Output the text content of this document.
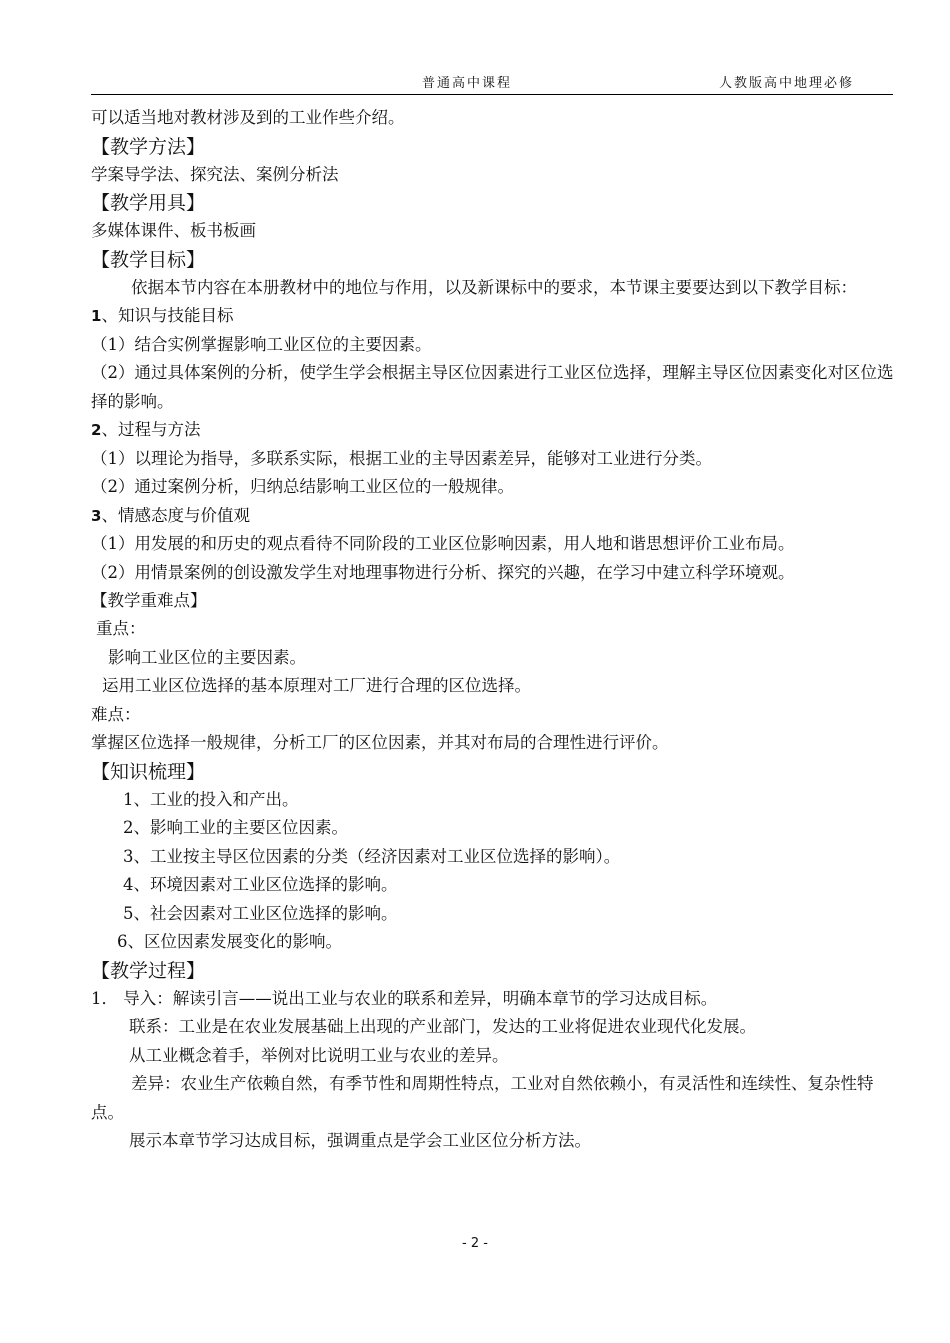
普通高中课程	人教版高中地理必修
可以适当地对教材涉及到的工业作些介绍。
【教学方法】
学案导学法、探究法、案例分析法
【教学用具】
多媒体课件、板书板画
【教学目标】
依据本节内容在本册教材中的地位与作用，以及新课标中的要求，本节课主要要达到以下教学目标：
1、知识与技能目标
（1）结合实例掌握影响工业区位的主要因素。
（2）通过具体案例的分析，使学生学会根据主导区位因素进行工业区位选择，理解主导区位因素变化对区位选择的影响。
2、过程与方法
（1）以理论为指导，多联系实际，根据工业的主导因素差异，能够对工业进行分类。
（2）通过案例分析，归纳总结影响工业区位的一般规律。
3、情感态度与价值观
（1）用发展的和历史的观点看待不同阶段的工业区位影响因素，用人地和谐思想评价工业布局。
（2）用情景案例的创设激发学生对地理事物进行分析、探究的兴趣，在学习中建立科学环境观。
【教学重难点】
重点：
影响工业区位的主要因素。
运用工业区位选择的基本原理对工厂进行合理的区位选择。
难点：
掌握区位选择一般规律，分析工厂的区位因素，并其对布局的合理性进行评价。
【知识梳理】
1、工业的投入和产出。
2、影响工业的主要区位因素。
3、工业按主导区位因素的分类（经济因素对工业区位选择的影响）。
4、环境因素对工业区位选择的影响。
5、社会因素对工业区位选择的影响。
6、区位因素发展变化的影响。
【教学过程】
1． 导入：解读引言——说出工业与农业的联系和差异，明确本章节的学习达成目标。
联系：工业是在农业发展基础上出现的产业部门，发达的工业将促进农业现代化发展。
从工业概念着手，举例对比说明工业与农业的差异。
差异：农业生产依赖自然，有季节性和周期性特点，工业对自然依赖小，有灵活性和连续性、复杂性特点。
展示本章节学习达成目标，强调重点是学会工业区位分析方法。
- 2 -
